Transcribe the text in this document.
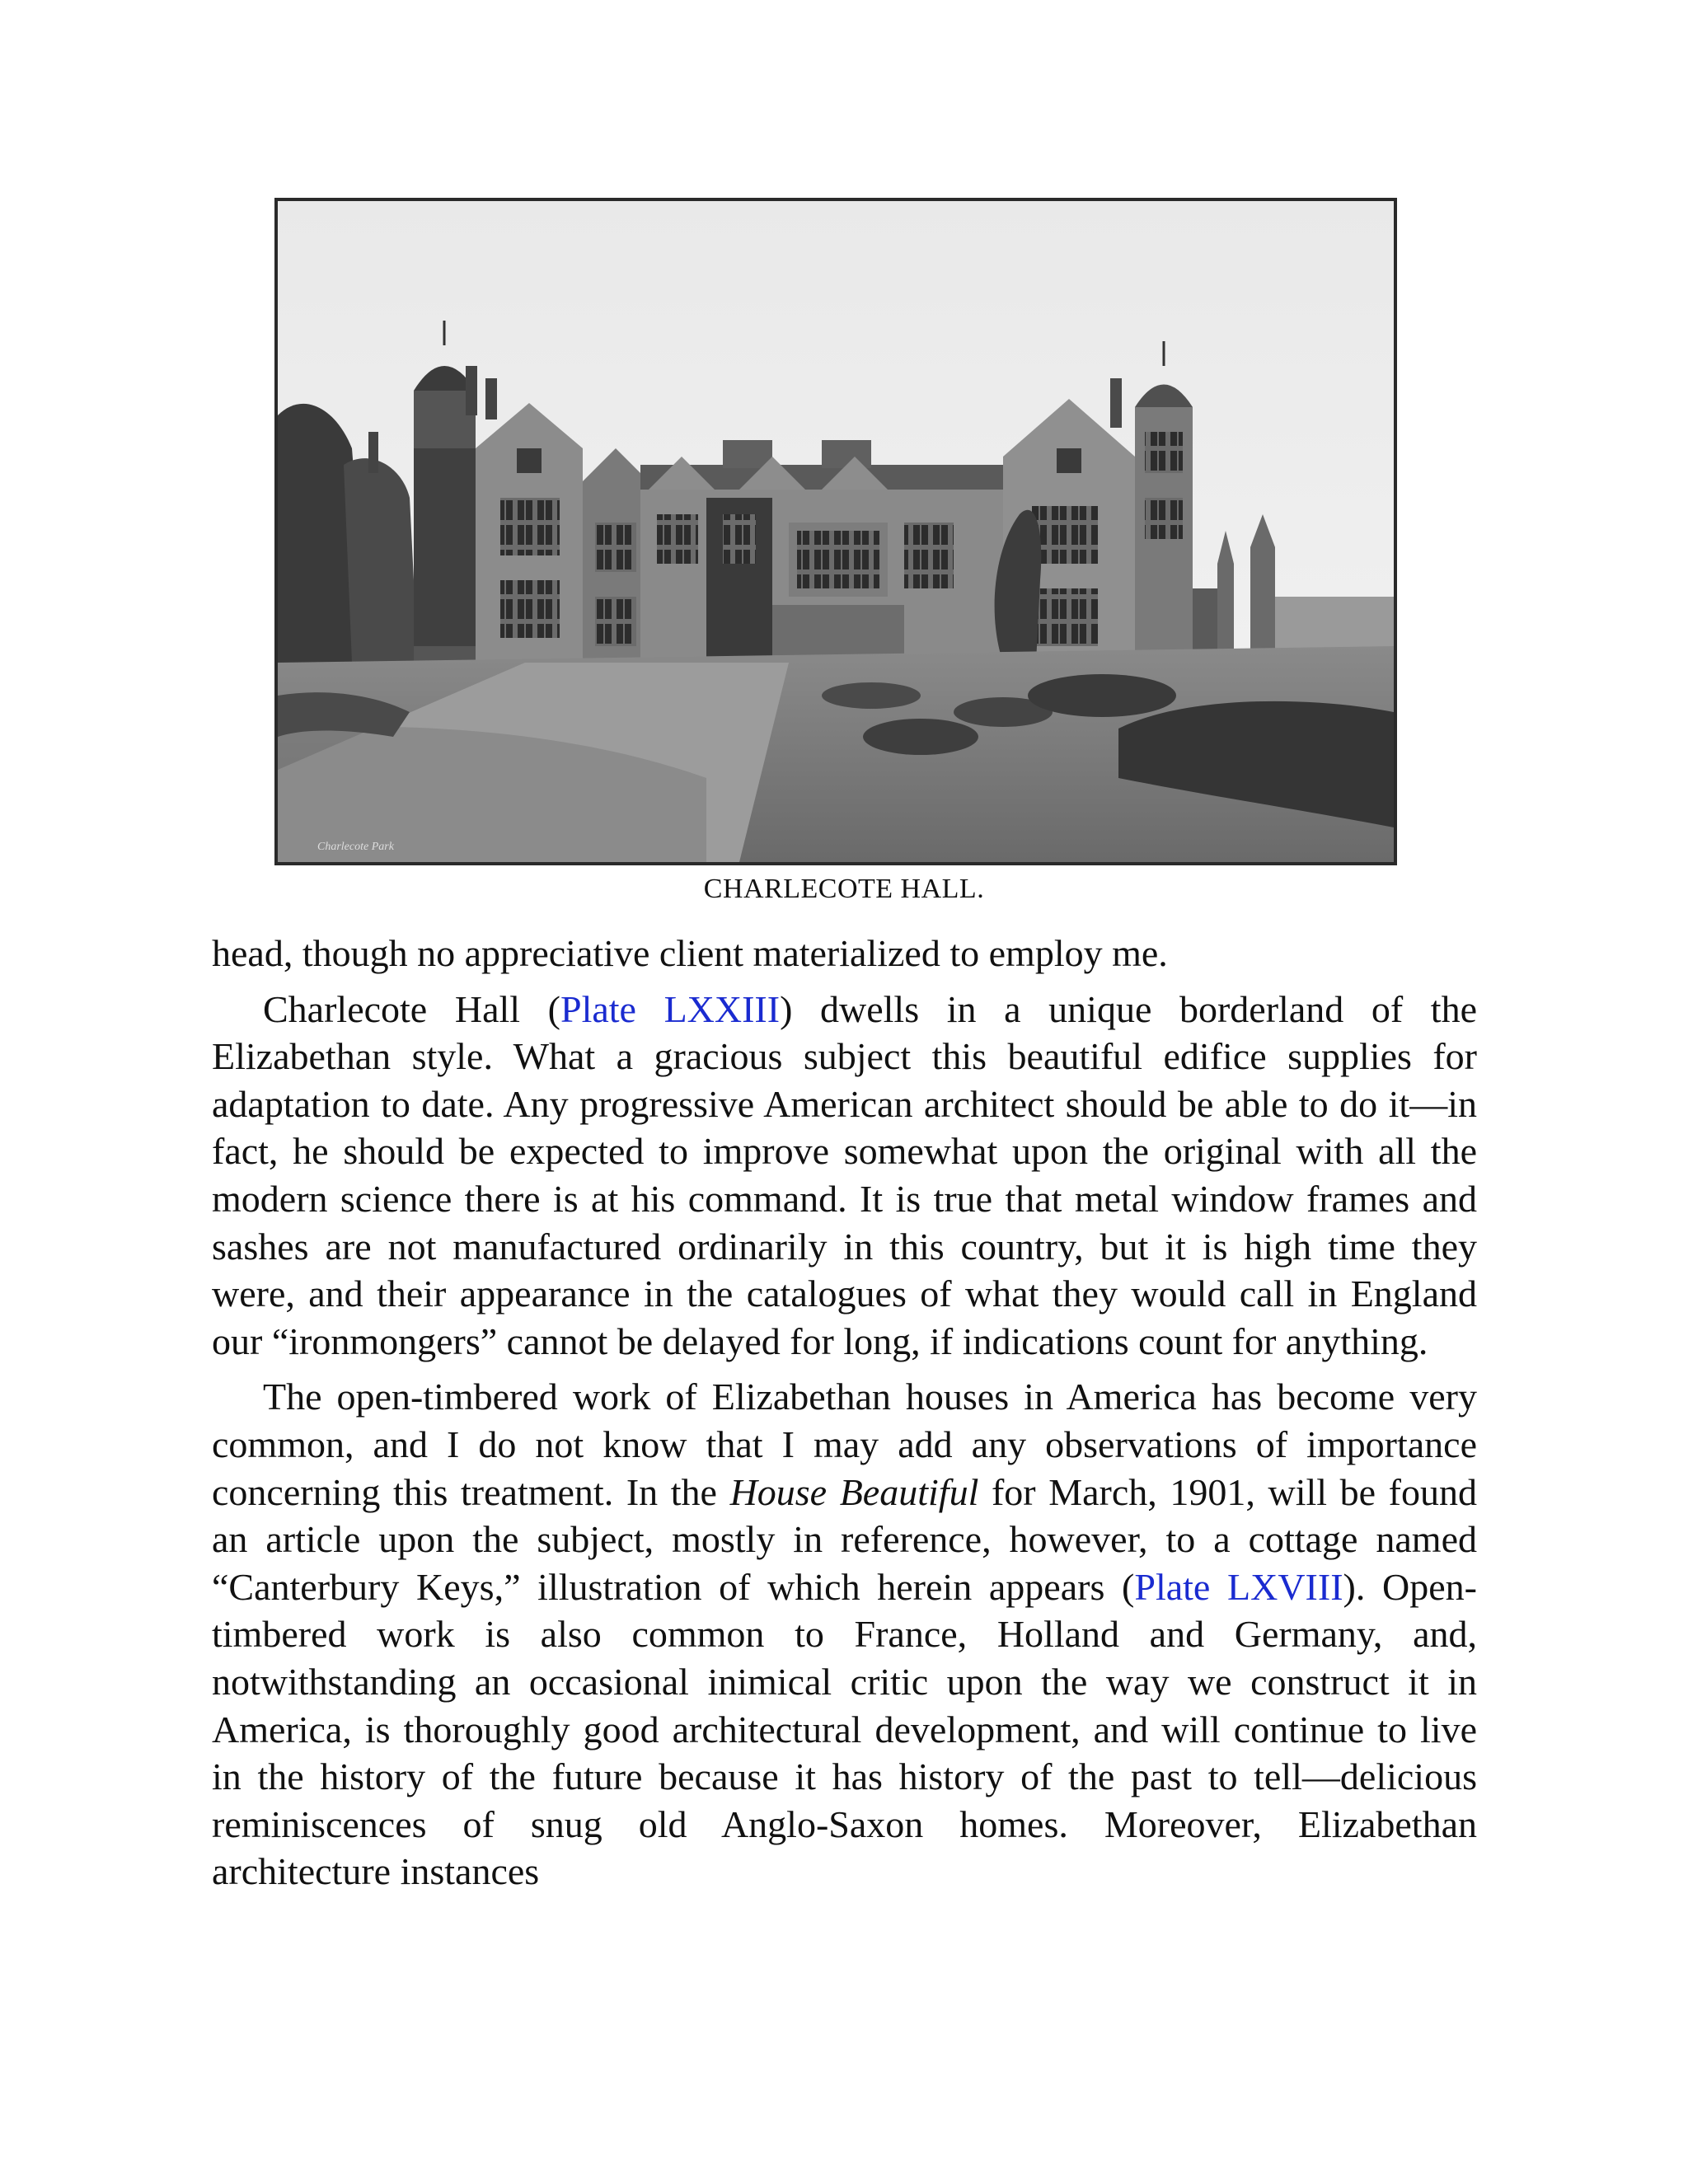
Charlecote Park
CHARLECOTE HALL.

head, though no appreciative client materialized to employ me.

Charlecote Hall (Plate LXXIII) dwells in a unique borderland of the Elizabethan style. What a gracious subject this beautiful edifice supplies for adaptation to date. Any progressive American architect should be able to do it—in fact, he should be expected to improve somewhat upon the original with all the modern science there is at his command. It is true that metal window frames and sashes are not manufactured ordinarily in this country, but it is high time they were, and their appearance in the catalogues of what they would call in England our “ironmongers” cannot be delayed for long, if indications count for anything.

The open-timbered work of Elizabethan houses in America has become very common, and I do not know that I may add any observations of importance concerning this treatment. In the House Beautiful for March, 1901, will be found an article upon the subject, mostly in reference, however, to a cottage named “Canterbury Keys,” illustration of which herein appears (Plate LXVIII). Open-timbered work is also common to France, Holland and Germany, and, notwithstanding an occasional inimical critic upon the way we construct it in America, is thoroughly good architectural development, and will continue to live in the history of the future because it has history of the past to tell—delicious reminiscences of snug old Anglo-Saxon homes. Moreover, Elizabethan architecture instances
